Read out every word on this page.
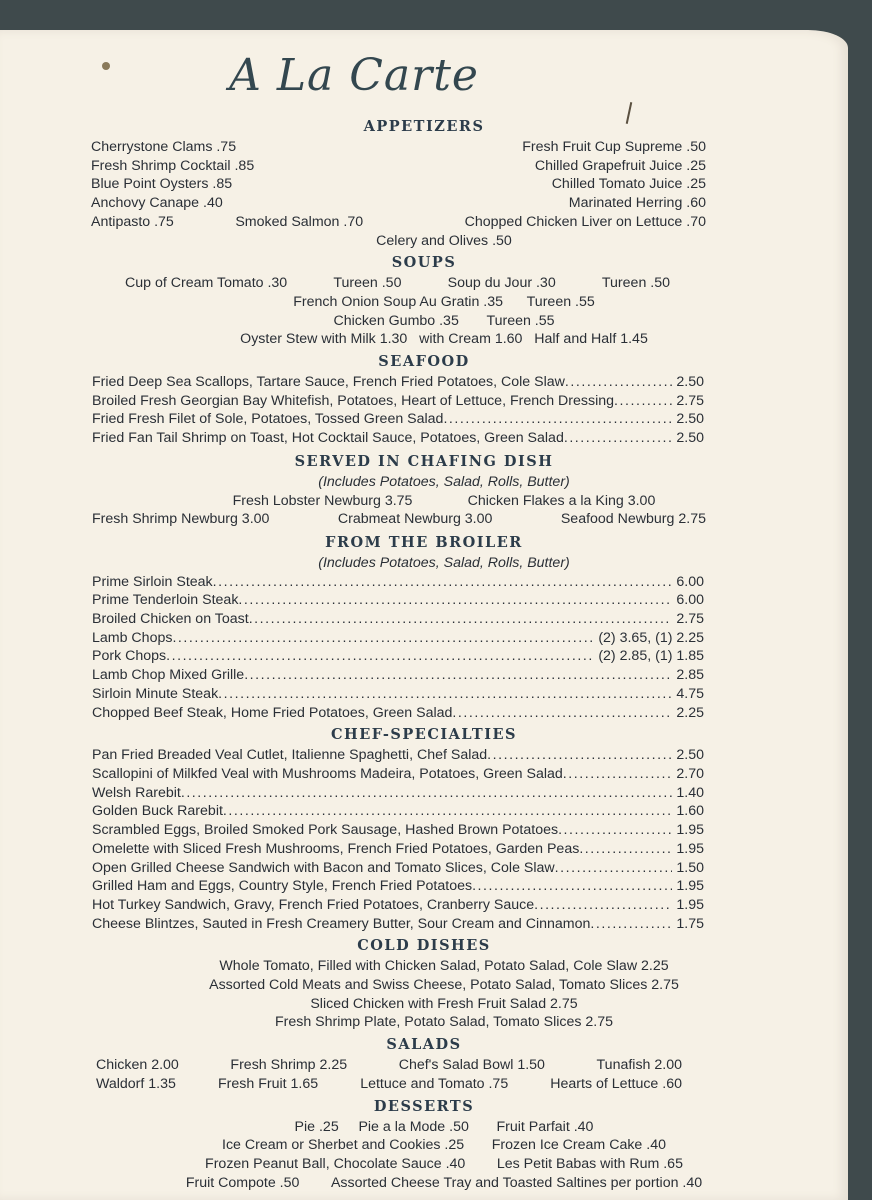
A La Carte
APPETIZERS
Cherrystone Clams .75	Fresh Fruit Cup Supreme .50
Fresh Shrimp Cocktail .85	Chilled Grapefruit Juice .25
Blue Point Oysters .85	Chilled Tomato Juice .25
Anchovy Canape .40	Marinated Herring .60
Antipasto .75	Smoked Salmon .70	Chopped Chicken Liver on Lettuce .70
Celery and Olives .50
SOUPS
Cup of Cream Tomato .30	Tureen .50	Soup du Jour .30	Tureen .50
French Onion Soup Au Gratin .35 Tureen .55
Chicken Gumbo .35 Tureen .55
Oyster Stew with Milk 1.30 with Cream 1.60 Half and Half 1.45
SEAFOOD
Fried Deep Sea Scallops, Tartare Sauce, French Fried Potatoes, Cole Slaw . . .	2.50
Broiled Fresh Georgian Bay Whitefish, Potatoes, Heart of Lettuce, French Dressing . . .	2.75
Fried Fresh Filet of Sole, Potatoes, Tossed Green Salad . . .	2.50
Fried Fan Tail Shrimp on Toast, Hot Cocktail Sauce, Potatoes, Green Salad . . .	2.50
SERVED IN CHAFING DISH
(Includes Potatoes, Salad, Rolls, Butter)
Fresh Lobster Newburg 3.75	Chicken Flakes a la King 3.00
Fresh Shrimp Newburg 3.00	Crabmeat Newburg 3.00	Seafood Newburg 2.75
FROM THE BROILER
(Includes Potatoes, Salad, Rolls, Butter)
Prime Sirloin Steak . . .	6.00
Prime Tenderloin Steak . . .	6.00
Broiled Chicken on Toast . . .	2.75
Lamb Chops . . .	(2) 3.65, (1) 2.25
Pork Chops . . .	(2) 2.85, (1) 1.85
Lamb Chop Mixed Grille . . .	2.85
Sirloin Minute Steak . . .	4.75
Chopped Beef Steak, Home Fried Potatoes, Green Salad . . .	2.25
CHEF-SPECIALTIES
Pan Fried Breaded Veal Cutlet, Italienne Spaghetti, Chef Salad . . .	2.50
Scallopini of Milkfed Veal with Mushrooms Madeira, Potatoes, Green Salad . . .	2.70
Welsh Rarebit . . .	1.40
Golden Buck Rarebit . . .	1.60
Scrambled Eggs, Broiled Smoked Pork Sausage, Hashed Brown Potatoes . . .	1.95
Omelette with Sliced Fresh Mushrooms, French Fried Potatoes, Garden Peas . . .	1.95
Open Grilled Cheese Sandwich with Bacon and Tomato Slices, Cole Slaw . . .	1.50
Grilled Ham and Eggs, Country Style, French Fried Potatoes . . .	1.95
Hot Turkey Sandwich, Gravy, French Fried Potatoes, Cranberry Sauce . . .	1.95
Cheese Blintzes, Sauted in Fresh Creamery Butter, Sour Cream and Cinnamon . . .	1.75
COLD DISHES
Whole Tomato, Filled with Chicken Salad, Potato Salad, Cole Slaw 2.25
Assorted Cold Meats and Swiss Cheese, Potato Salad, Tomato Slices 2.75
Sliced Chicken with Fresh Fruit Salad 2.75
Fresh Shrimp Plate, Potato Salad, Tomato Slices 2.75
SALADS
Chicken 2.00	Fresh Shrimp 2.25	Chef's Salad Bowl 1.50	Tunafish 2.00
Waldorf 1.35	Fresh Fruit 1.65	Lettuce and Tomato .75	Hearts of Lettuce .60
DESSERTS
Pie .25 Pie a la Mode .50 Fruit Parfait .40
Ice Cream or Sherbet and Cookies .25 Frozen Ice Cream Cake .40
Frozen Peanut Ball, Chocolate Sauce .40 Les Petit Babas with Rum .65
Fruit Compote .50 Assorted Cheese Tray and Toasted Saltines per portion .40
